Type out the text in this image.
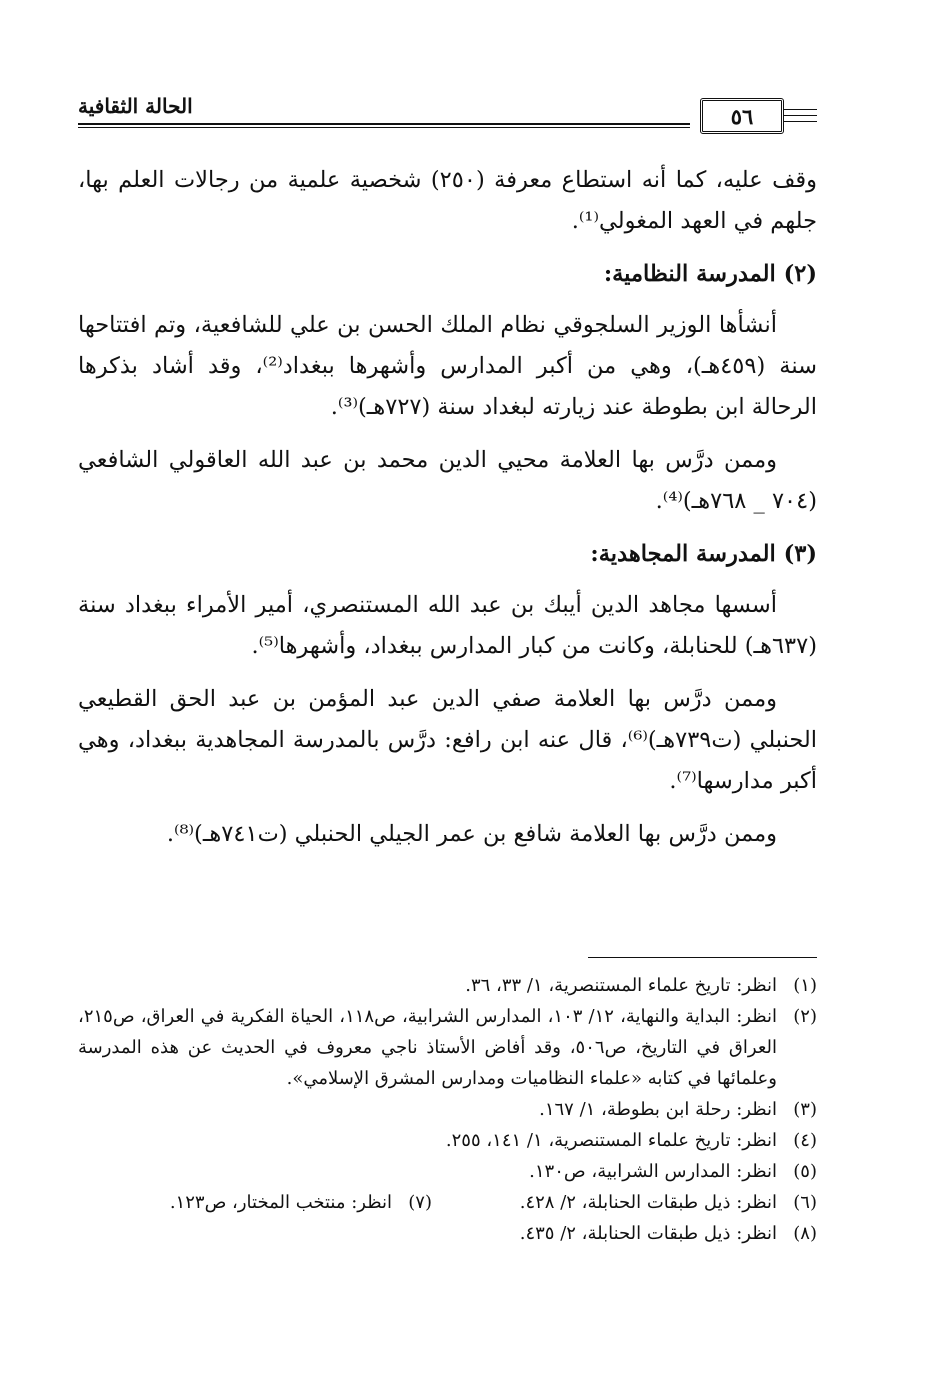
الحالة الثقافية	٥٦

وقف عليه، كما أنه استطاع معرفة (٢٥٠) شخصية علمية من رجالات العلم بها، جلهم في العهد المغولي⁽¹⁾.

(٢) المدرسة النظامية:

أنشأها الوزير السلجوقي نظام الملك الحسن بن علي للشافعية، وتم افتتاحها سنة (٤٥٩هـ)، وهي من أكبر المدارس وأشهرها ببغداد⁽²⁾، وقد أشاد بذكرها الرحالة ابن بطوطة عند زيارته لبغداد سنة (٧٢٧هـ)⁽³⁾.

وممن درَّس بها العلامة محيي الدين محمد بن عبد الله العاقولي الشافعي (٧٠٤ _ ٧٦٨هـ)⁽⁴⁾.

(٣) المدرسة المجاهدية:

أسسها مجاهد الدين أيبك بن عبد الله المستنصري، أمير الأمراء ببغداد سنة (٦٣٧هـ) للحنابلة، وكانت من كبار المدارس ببغداد، وأشهرها⁽⁵⁾.

وممن درَّس بها العلامة صفي الدين عبد المؤمن بن عبد الحق القطيعي الحنبلي (ت٧٣٩هـ)⁽⁶⁾، قال عنه ابن رافع: درَّس بالمدرسة المجاهدية ببغداد، وهي أكبر مدارسها⁽⁷⁾.

وممن درَّس بها العلامة شافع بن عمر الجيلي الحنبلي (ت٧٤١هـ)⁽⁸⁾.

(١)
انظر: تاريخ علماء المستنصرية، ١/ ٣٣، ٣٦.
(٢)
انظر: البداية والنهاية، ١٢/ ١٠٣، المدارس الشرابية، ص١١٨، الحياة الفكرية في العراق، ص٢١٥، العراق في التاريخ، ص٥٠٦، وقد أفاض الأستاذ ناجي معروف في الحديث عن هذه المدرسة وعلمائها في كتابه «علماء النظاميات ومدارس المشرق الإسلامي».
(٣)
انظر: رحلة ابن بطوطة، ١/ ١٦٧.
(٤)
انظر: تاريخ علماء المستنصرية، ١/ ١٤١، ٢٥٥.
(٥)
انظر: المدارس الشرابية، ص١٣٠.
(٦)
انظر: ذيل طبقات الحنابلة، ٢/ ٤٢٨.
(٧)
انظر: منتخب المختار، ص١٢٣.
(٨)
انظر: ذيل طبقات الحنابلة، ٢/ ٤٣٥.
